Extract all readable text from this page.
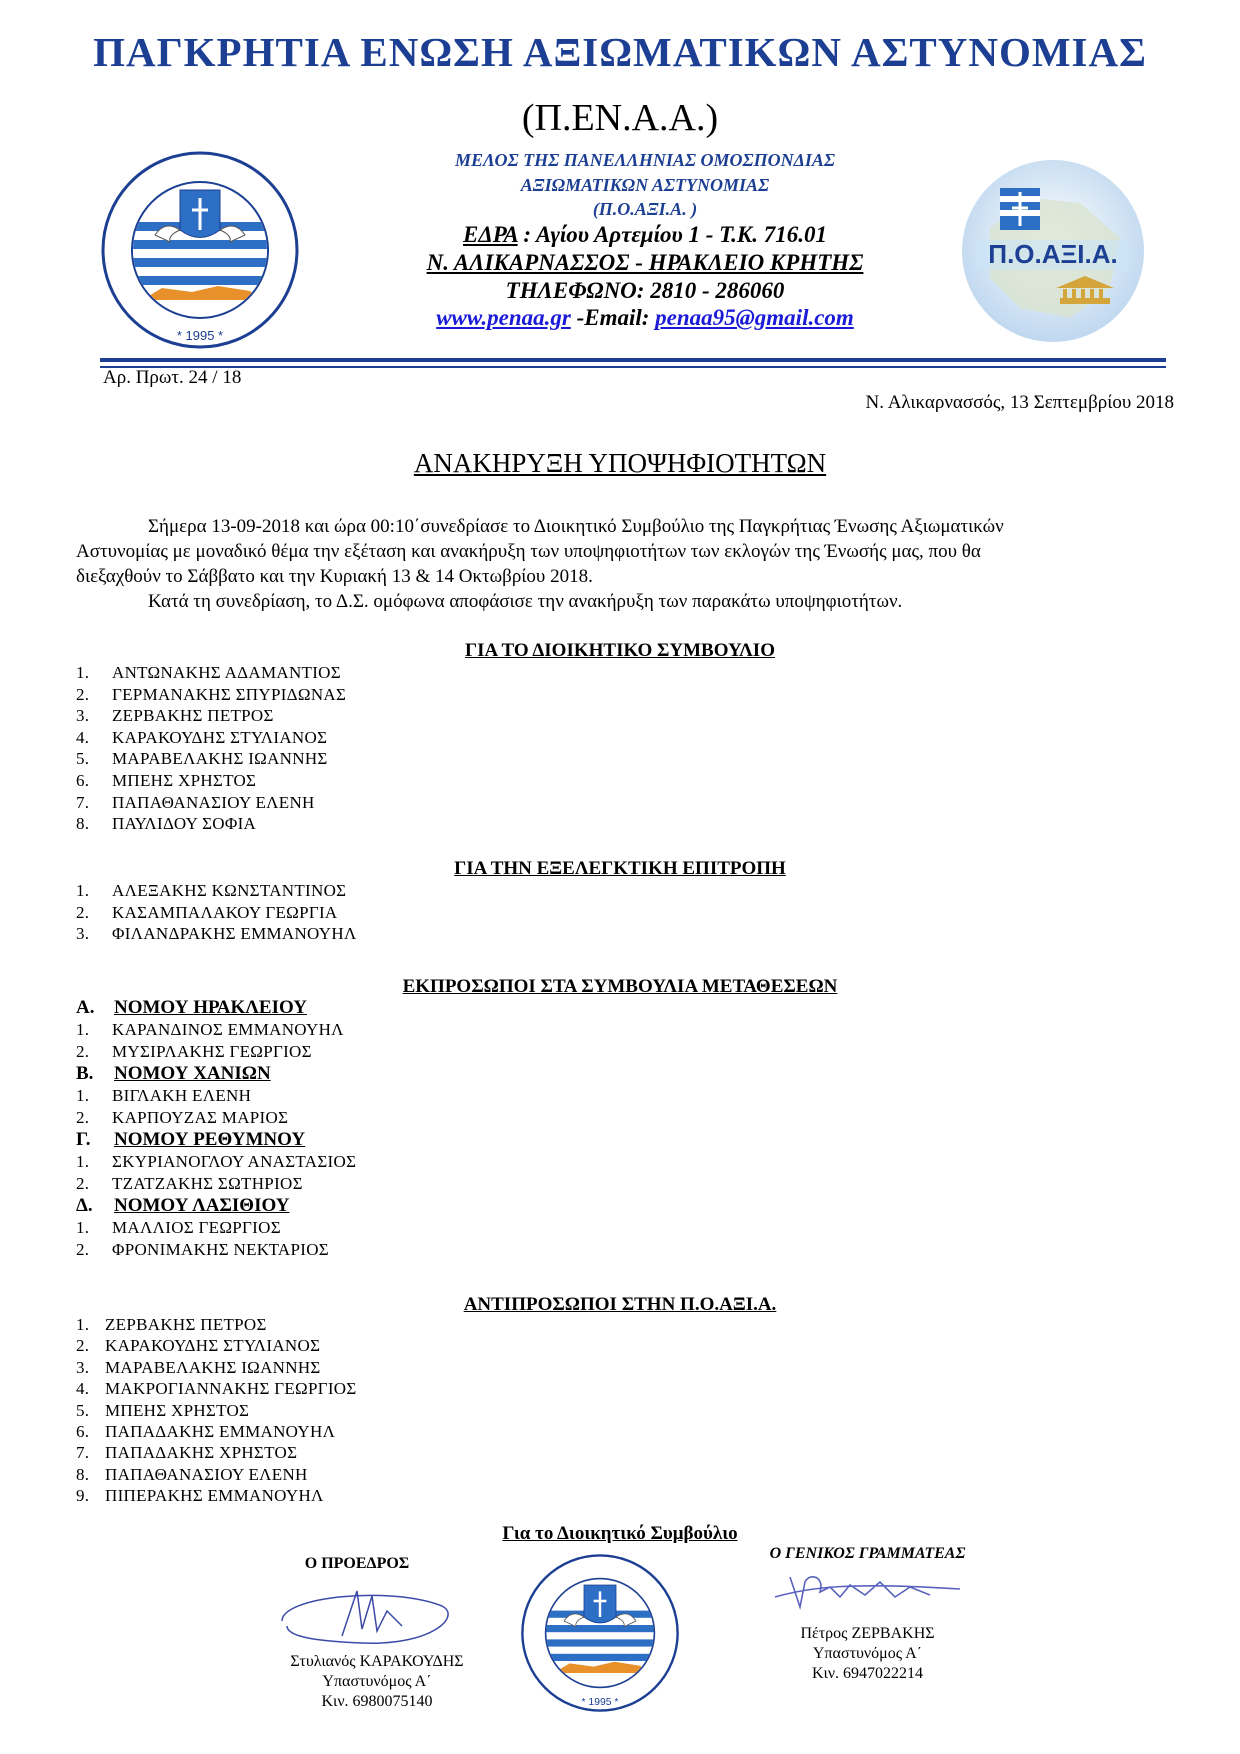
ΠΑΓΚΡΗΤΙΑ ΕΝΩΣΗ ΑΞΙΩΜΑΤΙΚΩΝ ΑΣΤΥΝΟΜΙΑΣ
(Π.ΕΝ.Α.Α.)
* 1995 *
ΜΕΛΟΣ ΤΗΣ ΠΑΝΕΛΛΗΝΙΑΣ ΟΜΟΣΠΟΝΔΙΑΣ
ΑΞΙΩΜΑΤΙΚΩΝ ΑΣΤΥΝΟΜΙΑΣ
(Π.Ο.ΑΞΙ.Α. )
ΕΔΡΑ : Αγίου Αρτεμίου 1 - Τ.Κ. 716.01
Ν. ΑΛΙΚΑΡΝΑΣΣΟΣ - ΗΡΑΚΛΕΙΟ ΚΡΗΤΗΣ
ΤΗΛΕΦΩΝΟ: 2810 - 286060
www.penaa.gr -Email: penaa95@gmail.com
Π.Ο.ΑΞΙ.Α.
Αρ. Πρωτ. 24 / 18
Ν. Αλικαρνασσός, 13 Σεπτεμβρίου 2018
ΑΝΑΚΗΡΥΞΗ ΥΠΟΨΗΦΙΟΤΗΤΩΝ
Σήμερα 13-09-2018 και ώρα 00:10΄συνεδρίασε το Διοικητικό Συμβούλιο της Παγκρήτιας Ένωσης Αξιωματικών
Αστυνομίας με μοναδικό θέμα την εξέταση και ανακήρυξη των υποψηφιοτήτων των εκλογών της Ένωσής μας, που θα
διεξαχθούν το Σάββατο και την Κυριακή 13 & 14 Οκτωβρίου 2018.
Κατά τη συνεδρίαση, το Δ.Σ. ομόφωνα αποφάσισε την ανακήρυξη των παρακάτω υποψηφιοτήτων.
ΓΙΑ ΤΟ ΔΙΟΙΚΗΤΙΚΟ ΣΥΜΒΟΥΛΙΟ
1. ΑΝΤΩΝΑΚΗΣ ΑΔΑΜΑΝΤΙΟΣ
2. ΓΕΡΜΑΝΑΚΗΣ ΣΠΥΡΙΔΩΝΑΣ
3. ΖΕΡΒΑΚΗΣ ΠΕΤΡΟΣ
4. ΚΑΡΑΚΟΥΔΗΣ ΣΤΥΛΙΑΝΟΣ
5. ΜΑΡΑΒΕΛΑΚΗΣ ΙΩΑΝΝΗΣ
6. ΜΠΕΗΣ ΧΡΗΣΤΟΣ
7. ΠΑΠΑΘΑΝΑΣΙΟΥ ΕΛΕΝΗ
8. ΠΑΥΛΙΔΟΥ ΣΟΦΙΑ
ΓΙΑ ΤΗΝ ΕΞΕΛΕΓΚΤΙΚΗ ΕΠΙΤΡΟΠΗ
1. ΑΛΕΞΑΚΗΣ ΚΩΝΣΤΑΝΤΙΝΟΣ
2. ΚΑΣΑΜΠΑΛΑΚΟΥ ΓΕΩΡΓΙΑ
3. ΦΙΛΑΝΔΡΑΚΗΣ ΕΜΜΑΝΟΥΗΛ
ΕΚΠΡΟΣΩΠΟΙ ΣΤΑ ΣΥΜΒΟΥΛΙΑ ΜΕΤΑΘΕΣΕΩΝ
Α. ΝΟΜΟΥ ΗΡΑΚΛΕΙΟΥ
1. ΚΑΡΑΝΔΙΝΟΣ ΕΜΜΑΝΟΥΗΛ
2. ΜΥΣΙΡΛΑΚΗΣ ΓΕΩΡΓΙΟΣ
Β. ΝΟΜΟΥ ΧΑΝΙΩΝ
1. ΒΙΓΛΑΚΗ ΕΛΕΝΗ
2. ΚΑΡΠΟΥΖΑΣ ΜΑΡΙΟΣ
Γ. ΝΟΜΟΥ ΡΕΘΥΜΝΟΥ
1. ΣΚΥΡΙΑΝΟΓΛΟΥ ΑΝΑΣΤΑΣΙΟΣ
2. ΤΖΑΤΖΑΚΗΣ ΣΩΤΗΡΙΟΣ
Δ. ΝΟΜΟΥ ΛΑΣΙΘΙΟΥ
1. ΜΑΛΛΙΟΣ ΓΕΩΡΓΙΟΣ
2. ΦΡΟΝΙΜΑΚΗΣ ΝΕΚΤΑΡΙΟΣ
ΑΝΤΙΠΡΟΣΩΠΟΙ ΣΤΗΝ Π.Ο.ΑΞΙ.Α.
1. ΖΕΡΒΑΚΗΣ ΠΕΤΡΟΣ
2. ΚΑΡΑΚΟΥΔΗΣ ΣΤΥΛΙΑΝΟΣ
3. ΜΑΡΑΒΕΛΑΚΗΣ ΙΩΑΝΝΗΣ
4. ΜΑΚΡΟΓΙΑΝΝΑΚΗΣ ΓΕΩΡΓΙΟΣ
5. ΜΠΕΗΣ ΧΡΗΣΤΟΣ
6. ΠΑΠΑΔΑΚΗΣ ΕΜΜΑΝΟΥΗΛ
7. ΠΑΠΑΔΑΚΗΣ ΧΡΗΣΤΟΣ
8. ΠΑΠΑΘΑΝΑΣΙΟΥ ΕΛΕΝΗ
9. ΠΙΠΕΡΑΚΗΣ ΕΜΜΑΝΟΥΗΛ
Για το Διοικητικό Συμβούλιο
Ο ΠΡΟΕΔΡΟΣ
Στυλιανός ΚΑΡΑΚΟΥΔΗΣ
Υπαστυνόμος Α΄
Κιν. 6980075140	* 1995 *
Ο ΓΕΝΙΚΟΣ ΓΡΑΜΜΑΤΕΑΣ
Πέτρος ΖΕΡΒΑΚΗΣ
Υπαστυνόμος Α΄
Κιν. 6947022214
